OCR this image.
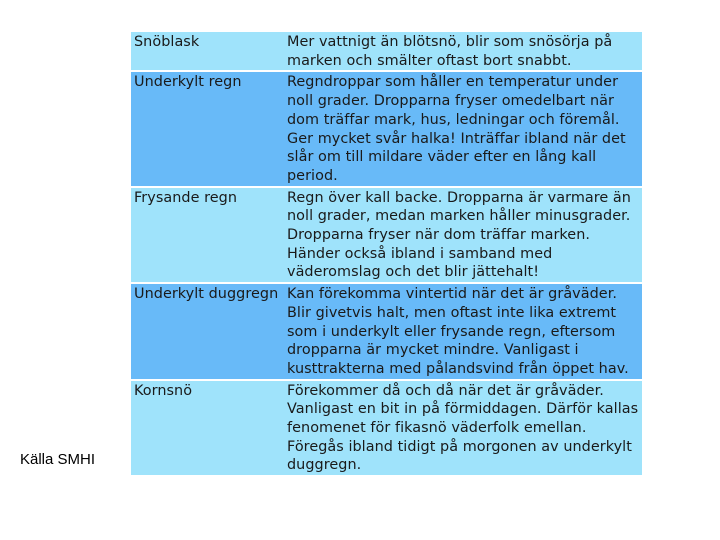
Snöblask	Mer vattnigt än blötsnö, blir som snösörja på marken och smälter oftast bort snabbt.
Underkylt regn	Regndroppar som håller en temperatur under noll grader. Dropparna fryser omedelbart när dom träffar mark, hus, ledningar och föremål. Ger mycket svår halka! Inträffar ibland när det slår om till mildare väder efter en lång kall period.
Frysande regn	Regn över kall backe. Dropparna är varmare än noll grader, medan marken håller minusgrader. Dropparna fryser när dom träffar marken. Händer också ibland i samband med väderomslag och det blir jättehalt!
Underkylt duggregn	Kan förekomma vintertid när det är gråväder. Blir givetvis halt, men oftast inte lika extremt som i underkylt eller frysande regn, eftersom dropparna är mycket mindre. Vanligast i kusttrakterna med pålandsvind från öppet hav.
Kornsnö	Förekommer då och då när det är gråväder. Vanligast en bit in på förmiddagen. Därför kallas fenomenet för fikasnö väderfolk emellan. Föregås ibland tidigt på morgonen av underkylt duggregn.
Källa SMHI
